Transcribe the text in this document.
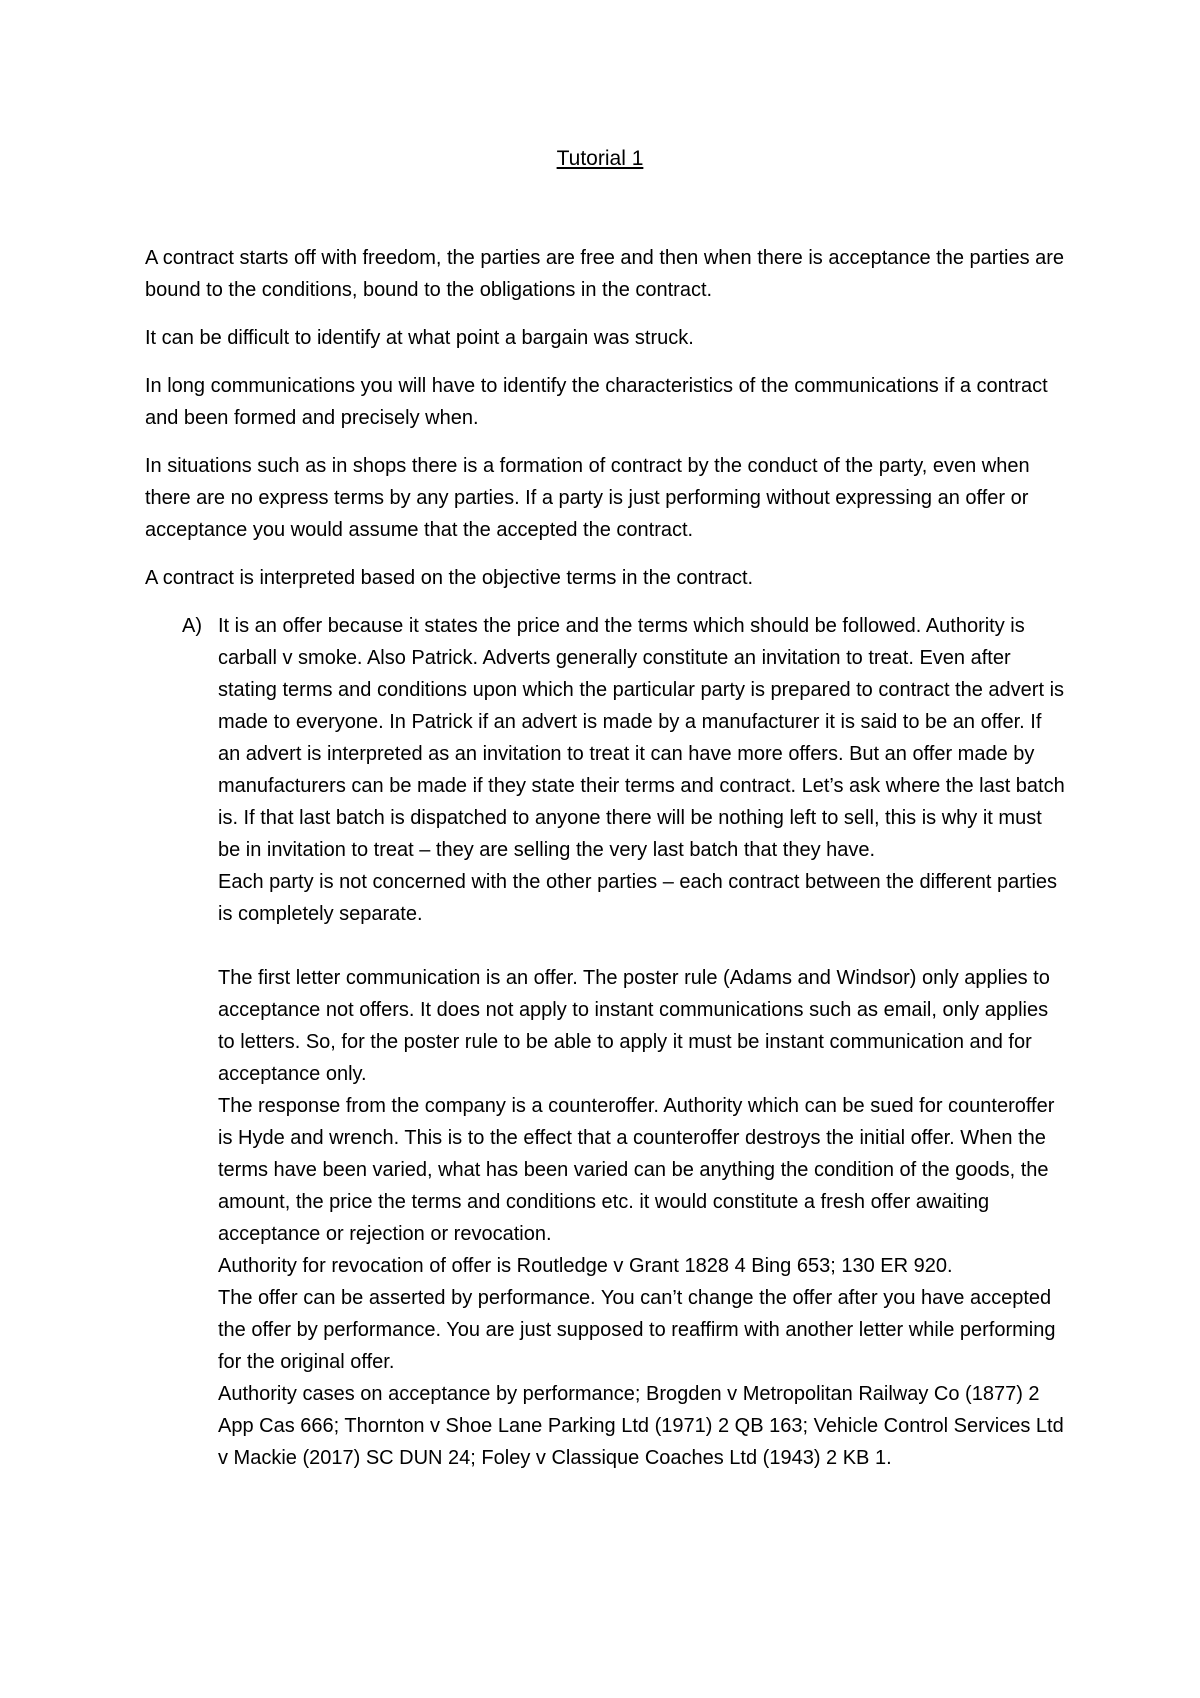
Tutorial 1

A contract starts off with freedom, the parties are free and then when there is acceptance the parties are bound to the conditions, bound to the obligations in the contract.

It can be difficult to identify at what point a bargain was struck.

In long communications you will have to identify the characteristics of the communications if a contract and been formed and precisely when.

In situations such as in shops there is a formation of contract by the conduct of the party, even when there are no express terms by any parties. If a party is just performing without expressing an offer or acceptance you would assume that the accepted the contract.

A contract is interpreted based on the objective terms in the contract.

A) It is an offer because it states the price and the terms which should be followed. Authority is carball v smoke. Also Patrick. Adverts generally constitute an invitation to treat. Even after stating terms and conditions upon which the particular party is prepared to contract the advert is made to everyone. In Patrick if an advert is made by a manufacturer it is said to be an offer. If an advert is interpreted as an invitation to treat it can have more offers. But an offer made by manufacturers can be made if they state their terms and contract. Let’s ask where the last batch is. If that last batch is dispatched to anyone there will be nothing left to sell, this is why it must be in invitation to treat – they are selling the very last batch that they have.

Each party is not concerned with the other parties – each contract between the different parties is completely separate.

The first letter communication is an offer. The poster rule (Adams and Windsor) only applies to acceptance not offers. It does not apply to instant communications such as email, only applies to letters. So, for the poster rule to be able to apply it must be instant communication and for acceptance only.

The response from the company is a counteroffer. Authority which can be sued for counteroffer is Hyde and wrench. This is to the effect that a counteroffer destroys the initial offer. When the terms have been varied, what has been varied can be anything the condition of the goods, the amount, the price the terms and conditions etc. it would constitute a fresh offer awaiting acceptance or rejection or revocation.

Authority for revocation of offer is Routledge v Grant 1828 4 Bing 653; 130 ER 920.

The offer can be asserted by performance. You can’t change the offer after you have accepted the offer by performance. You are just supposed to reaffirm with another letter while performing for the original offer.

Authority cases on acceptance by performance; Brogden v Metropolitan Railway Co (1877) 2 App Cas 666; Thornton v Shoe Lane Parking Ltd (1971) 2 QB 163; Vehicle Control Services Ltd v Mackie (2017) SC DUN 24; Foley v Classique Coaches Ltd (1943) 2 KB 1.
